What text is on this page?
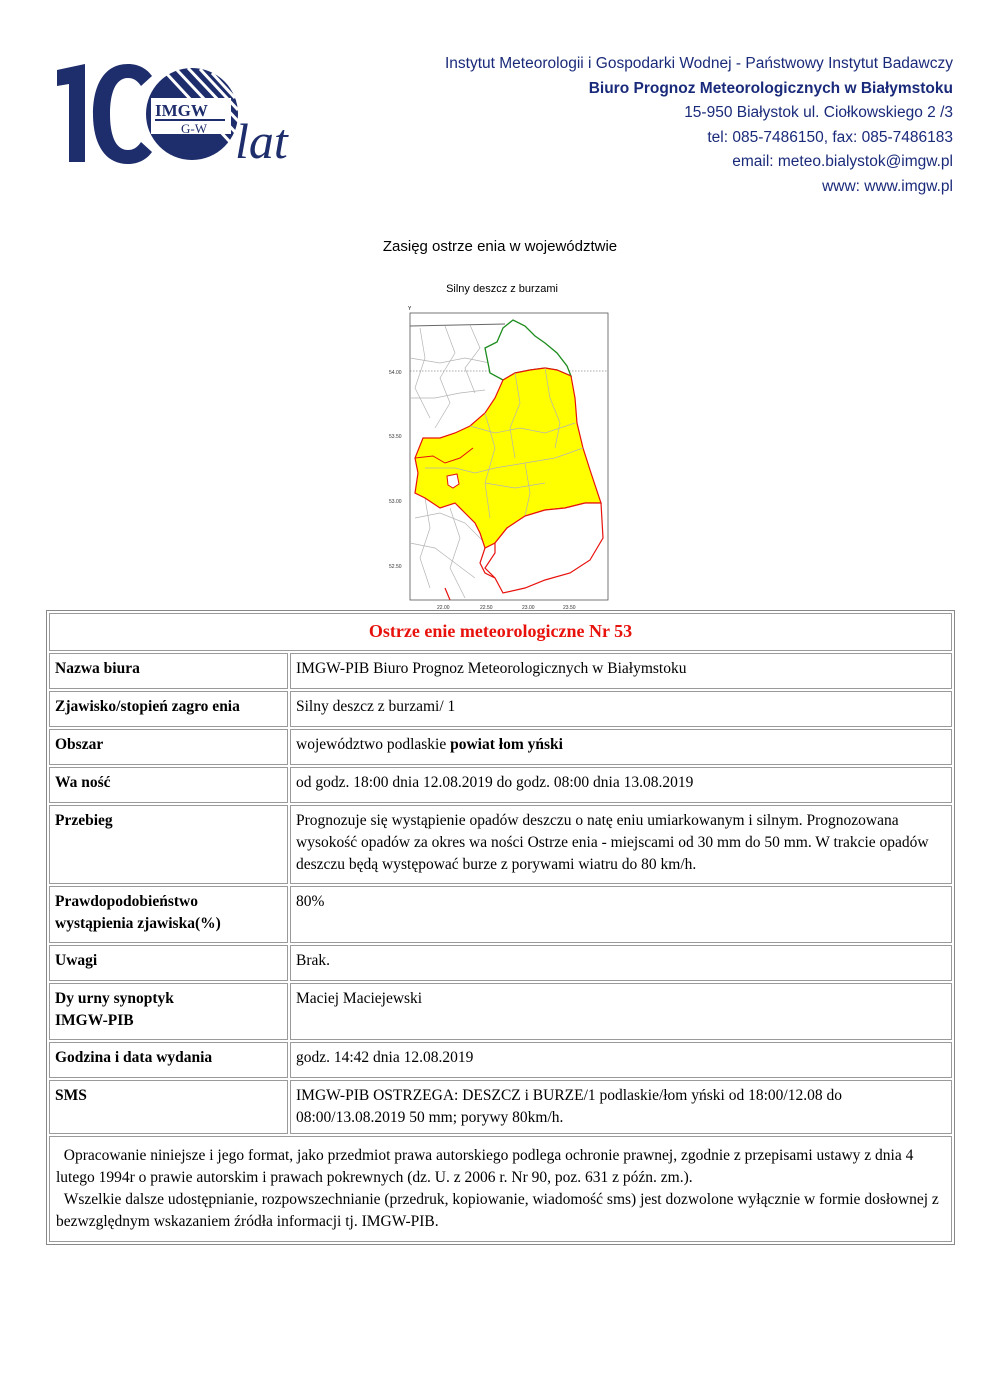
IMGW
G-W lat
Instytut Meteorologii i Gospodarki Wodnej - Państwowy Instytut Badawczy
Biuro Prognoz Meteorologicznych w Białymstoku
15-950 Białystok ul. Ciołkowskiego 2 /3
tel: 085-7486150, fax: 085-7486183
email: meteo.bialystok@imgw.pl
www: www.imgw.pl
Zasięg ostrze enia w województwie
Silny deszcz z burzami
Y
54.00
53.50
53.00
52.50
22.00	22.50	23.00	23.50
Ostrze enie meteorologiczne Nr 53	
Nazwa biura	IMGW-PIB Biuro Prognoz Meteorologicznych w Białymstoku
Zjawisko/stopień zagro enia	Silny deszcz z burzami/ 1
Obszar	województwo podlaskie powiat łom yński
Wa ność	od godz. 18:00 dnia 12.08.2019 do godz. 08:00 dnia 13.08.2019
Przebieg	Prognozuje się wystąpienie opadów deszczu o natę eniu umiarkowanym i silnym. Prognozowana wysokość opadów za okres wa ności Ostrze enia - miejscami od 30 mm do 50 mm. W trakcie opadów deszczu będą występować burze z porywami wiatru do 80 km/h.

Prawdopodobieństwo
wystąpienia zjawiska(%)	80%
Uwagi	Brak.

Dy urny synoptyk
IMGW-PIB	Maciej Maciejewski
Godzina i data wydania	godz. 14:42 dnia 12.08.2019
SMS	IMGW-PIB OSTRZEGA: DESZCZ i BURZE/1 podlaskie/łom yński od 18:00/12.08 do 08:00/13.08.2019 50 mm; porywy 80km/h.

Opracowanie niniejsze i jego format, jako przedmiot prawa autorskiego podlega ochronie prawnej, zgodnie z przepisami ustawy z dnia 4 lutego 1994r o prawie autorskim i prawach pokrewnych (dz. U. z 2006 r. Nr 90, poz. 631 z późn. zm.).
Wszelkie dalsze udostępnianie, rozpowszechnianie (przedruk, kopiowanie, wiadomość sms) jest dozwolone wyłącznie w formie dosłownej z bezwzględnym wskazaniem źródła informacji tj. IMGW-PIB.	
